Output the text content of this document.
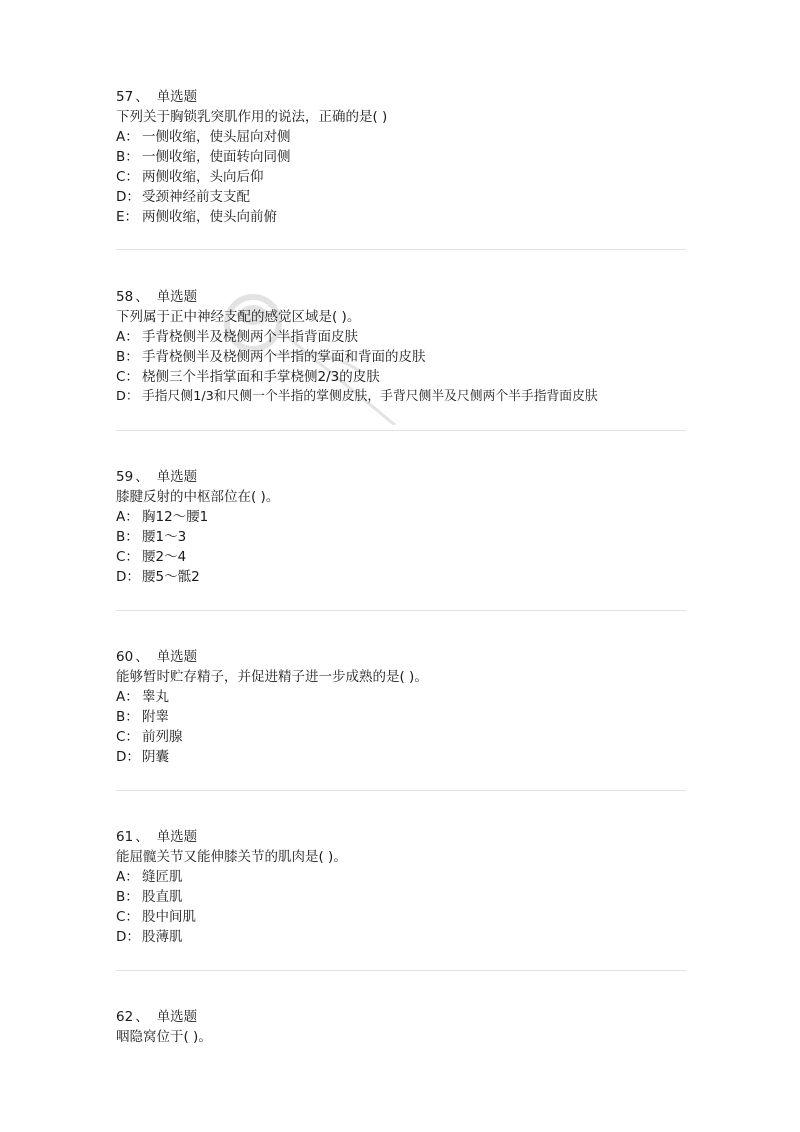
57 、 单选题
下列关于胸锁乳突肌作用的说法，正确的是( )
A： 一侧收缩，使头屈向对侧
B： 一侧收缩，使面转向同侧
C： 两侧收缩，头向后仰
D： 受颈神经前支支配
E： 两侧收缩，使头向前俯
58 、 单选题
下列属于正中神经支配的感觉区域是( )。
A： 手背桡侧半及桡侧两个半指背面皮肤
B： 手背桡侧半及桡侧两个半指的掌面和背面的皮肤
C： 桡侧三个半指掌面和手掌桡侧2/3的皮肤
D： 手指尺侧1/3和尺侧一个半指的掌侧皮肤，手背尺侧半及尺侧两个半手指背面皮肤
59 、 单选题
膝腱反射的中枢部位在( )。
A： 胸12～腰1
B： 腰1～3
C： 腰2～4
D： 腰5～骶2
60 、 单选题
能够暂时贮存精子，并促进精子进一步成熟的是( )。
A： 睾丸
B： 附睾
C： 前列腺
D： 阴囊
61 、 单选题
能屈髋关节又能伸膝关节的肌肉是( )。
A： 缝匠肌
B： 股直肌
C： 股中间肌
D： 股薄肌
62 、 单选题
咽隐窝位于( )。
